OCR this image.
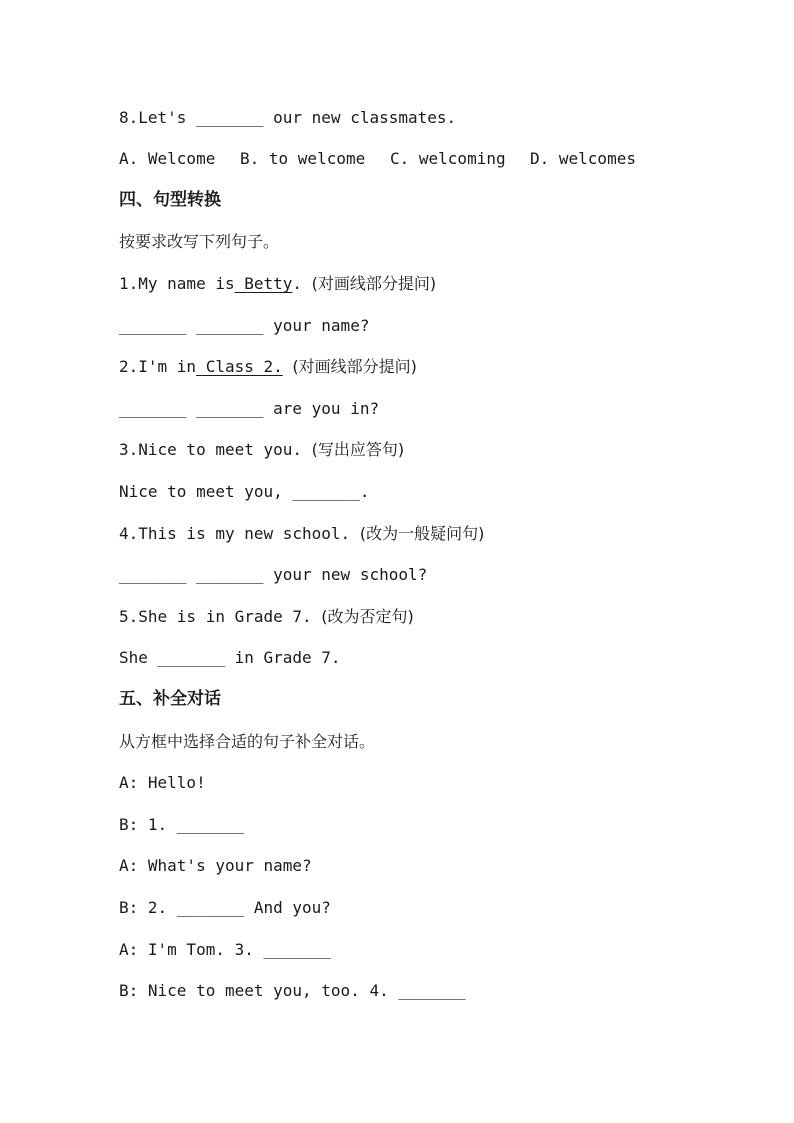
8.Let's _______ our new classmates.
A. Welcome B. to welcome C. welcoming D. welcomes
四、句型转换
按要求改写下列句子。
1.My name is Betty. (对画线部分提问)
_______ _______ your name?
2.I'm in Class 2. (对画线部分提问)
_______ _______ are you in?
3.Nice to meet you. (写出应答句)
Nice to meet you, _______.
4.This is my new school. (改为一般疑问句)
_______ _______ your new school?
5.She is in Grade 7. (改为否定句)
She _______ in Grade 7.
五、补全对话
从方框中选择合适的句子补全对话。
A: Hello!
B: 1. _______
A: What's your name?
B: 2. _______ And you?
A: I'm Tom. 3. _______
B: Nice to meet you, too. 4. _______
